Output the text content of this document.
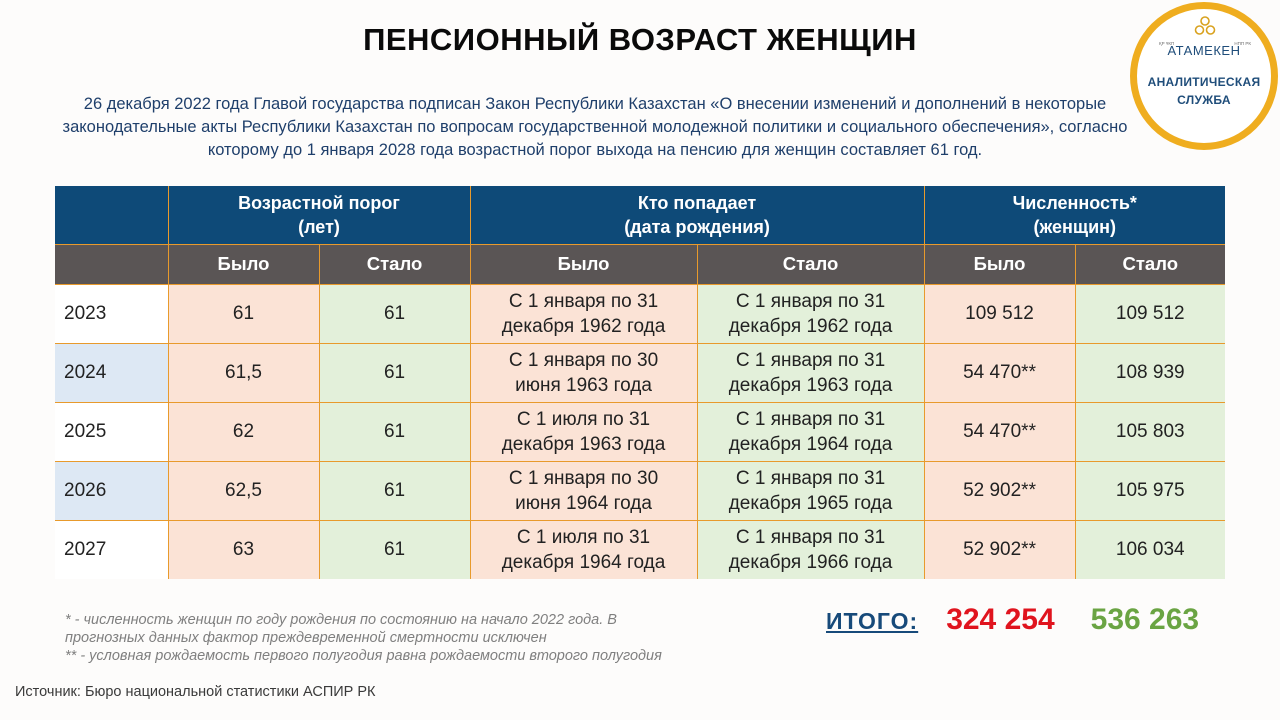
ПЕНСИОННЫЙ ВОЗРАСТ ЖЕНЩИН
26 декабря 2022 года Главой государства подписан Закон Республики Казахстан «О внесении изменений и дополнений в некоторые законодательные акты Республики Казахстан по вопросам государственной молодежной политики и социального обеспечения», согласно которому до 1 января 2028 года возрастной порог выхода на пенсию для женщин составляет 61 год.
ҚР ҰКП	НПП РК
АТАМЕКЕН
АНАЛИТИЧЕСКАЯ
СЛУЖБА
	Возрастной порог
(лет)		Кто попадает
(дата рождения)		Численность*
(женщин)	
	Было	Стало	Было	Стало	Было	Стало
2023	61	61	С 1 января по 31
декабря 1962 года	С 1 января по 31
декабря 1962 года	109 512	109 512
2024	61,5	61	С 1 января по 30
июня 1963 года	С 1 января по 31
декабря 1963 года	54 470**	108 939
2025	62	61	С 1 июля по 31
декабря 1963 года	С 1 января по 31
декабря 1964 года	54 470**	105 803
2026	62,5	61	С 1 января по 30
июня 1964 года	С 1 января по 31
декабря 1965 года	52 902**	105 975
2027	63	61	С 1 июля по 31
декабря 1964 года	С 1 января по 31
декабря 1966 года	52 902**	106 034
* - численность женщин по году рождения по состоянию на начало 2022 года. В
прогнозных данных фактор преждевременной смертности исключен
** - условная рождаемость первого полугодия равна рождаемости второго полугодия
ИТОГО: 324 254 536 263
Источник: Бюро национальной статистики АСПИР РК
